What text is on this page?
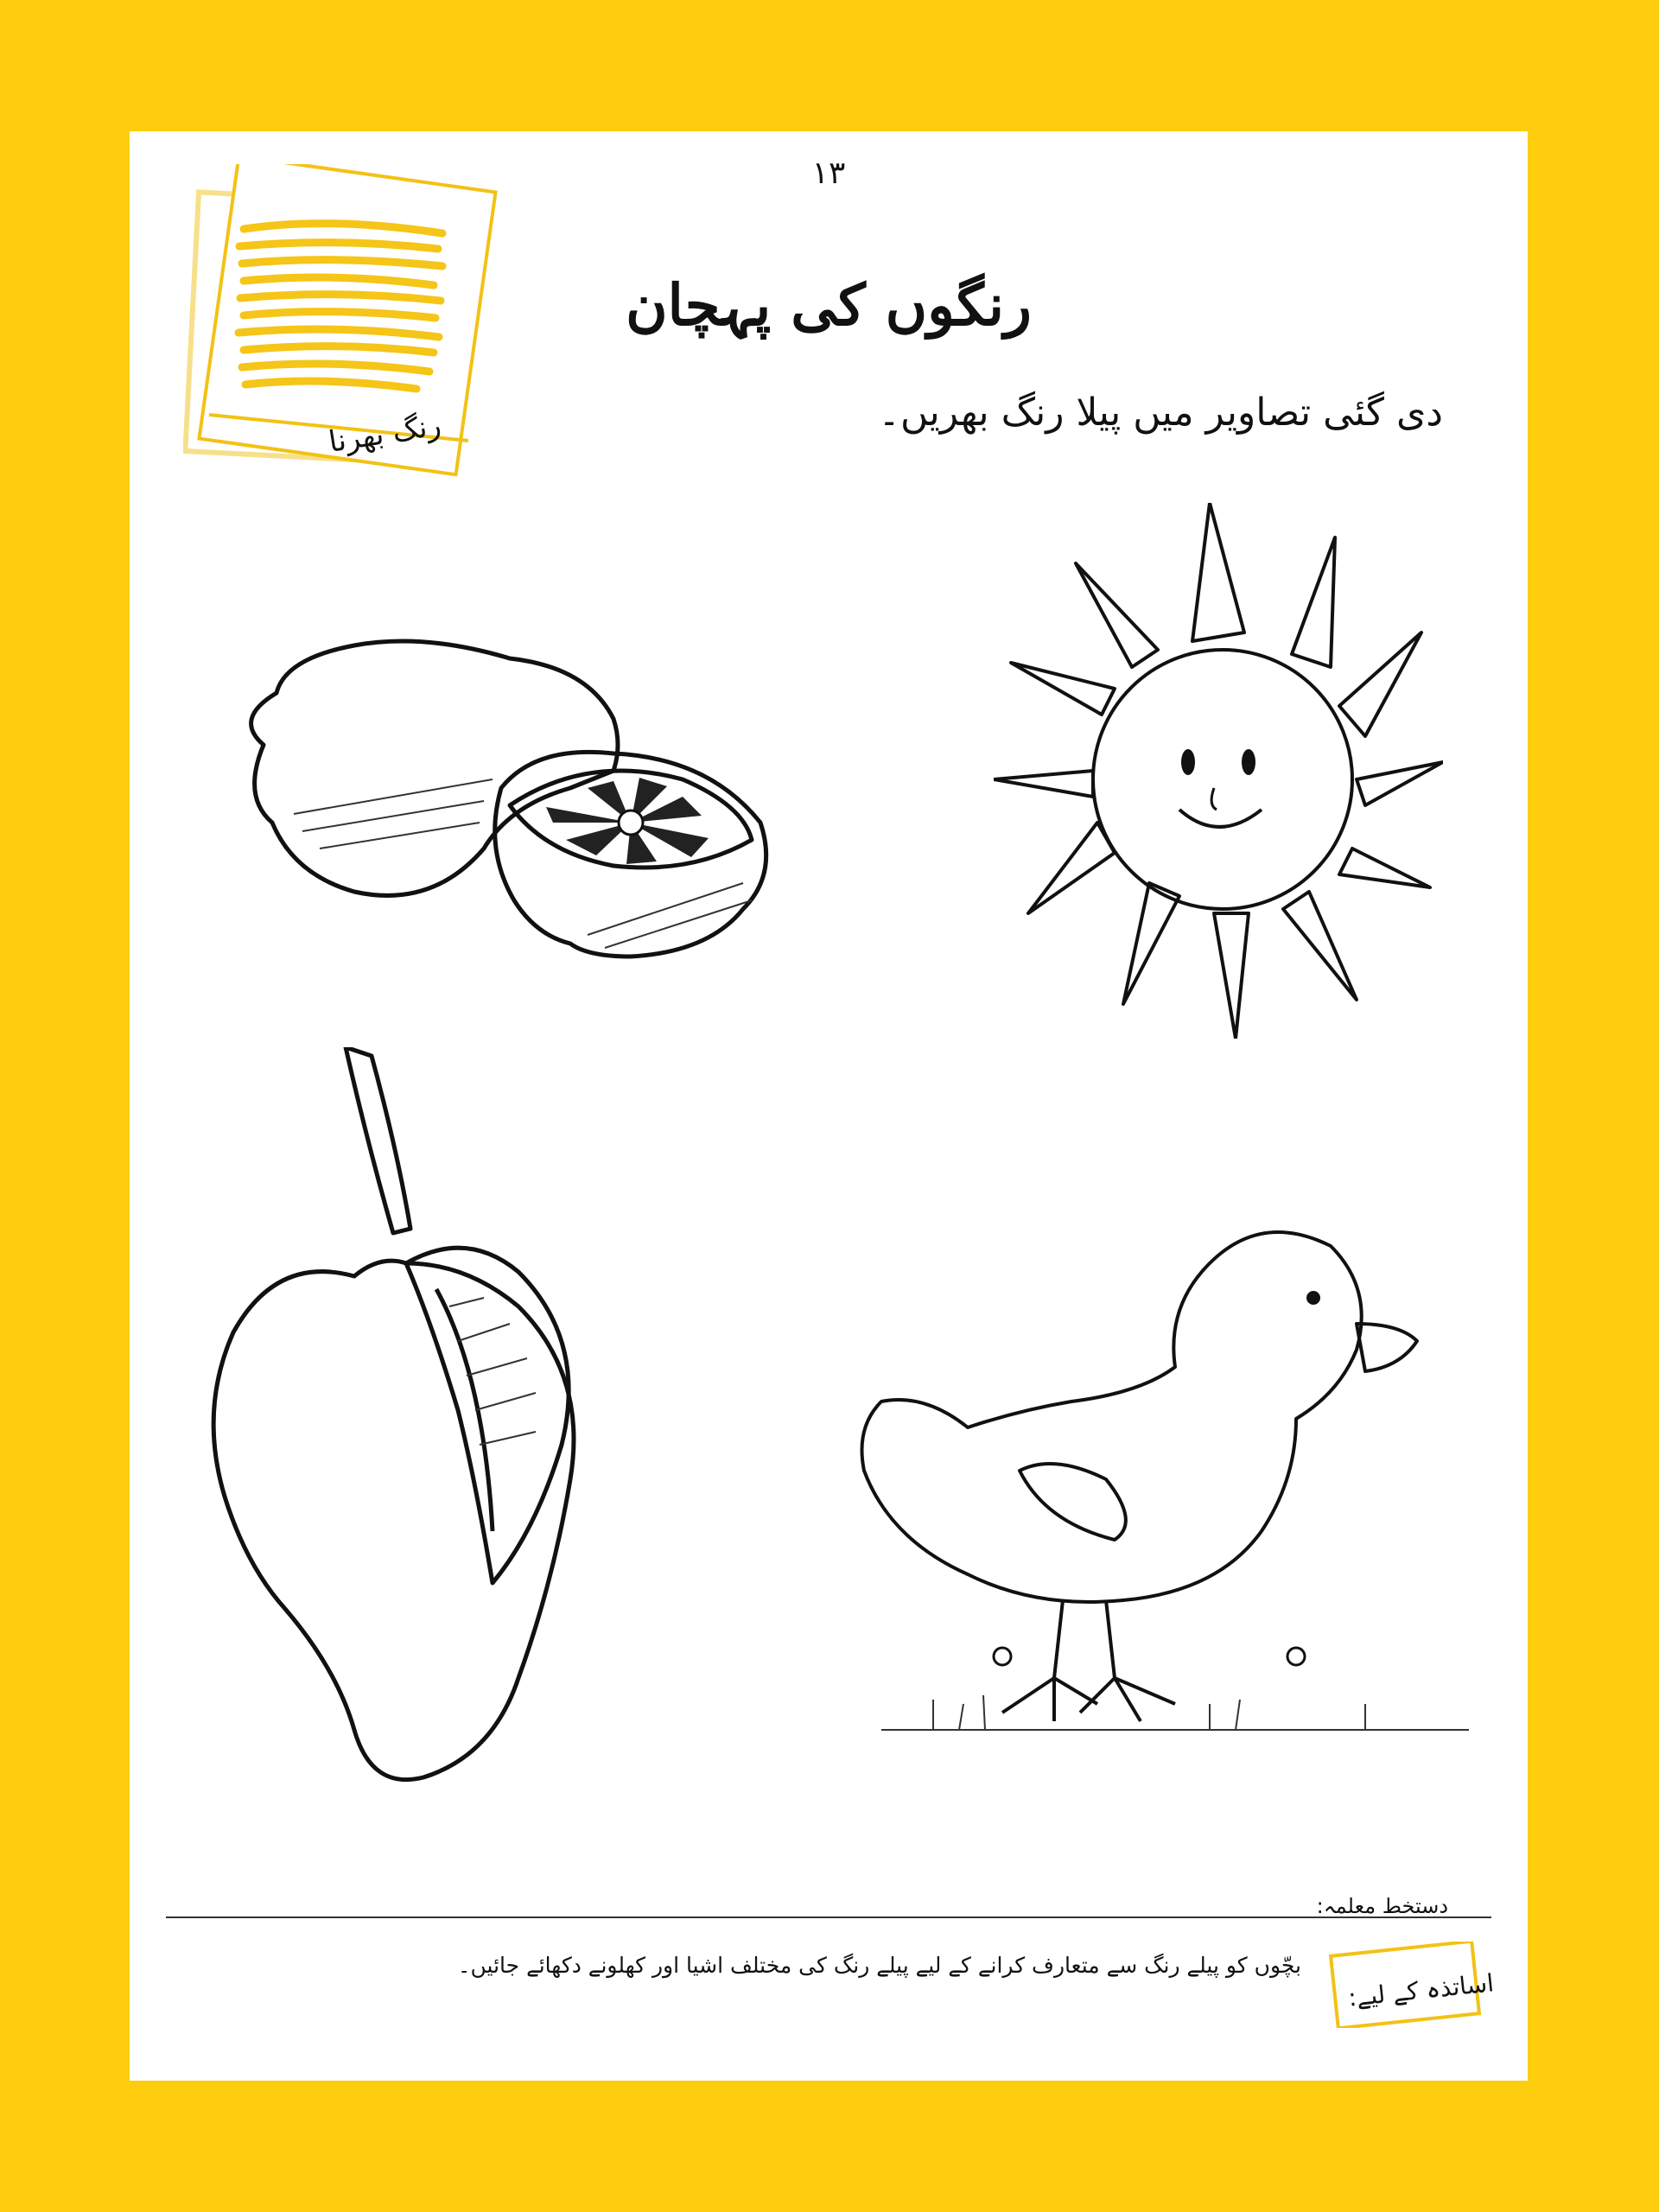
۱۳
رنگ بھرنا
رنگوں کی پہچان
دی گئی تصاویر میں پیلا رنگ بھریں۔
دستخط معلمہ:
اساتذہ کے لیے:
بچّوں کو پیلے رنگ سے متعارف کرانے کے لیے پیلے رنگ کی مختلف اشیا اور کھلونے دکھائے جائیں۔
